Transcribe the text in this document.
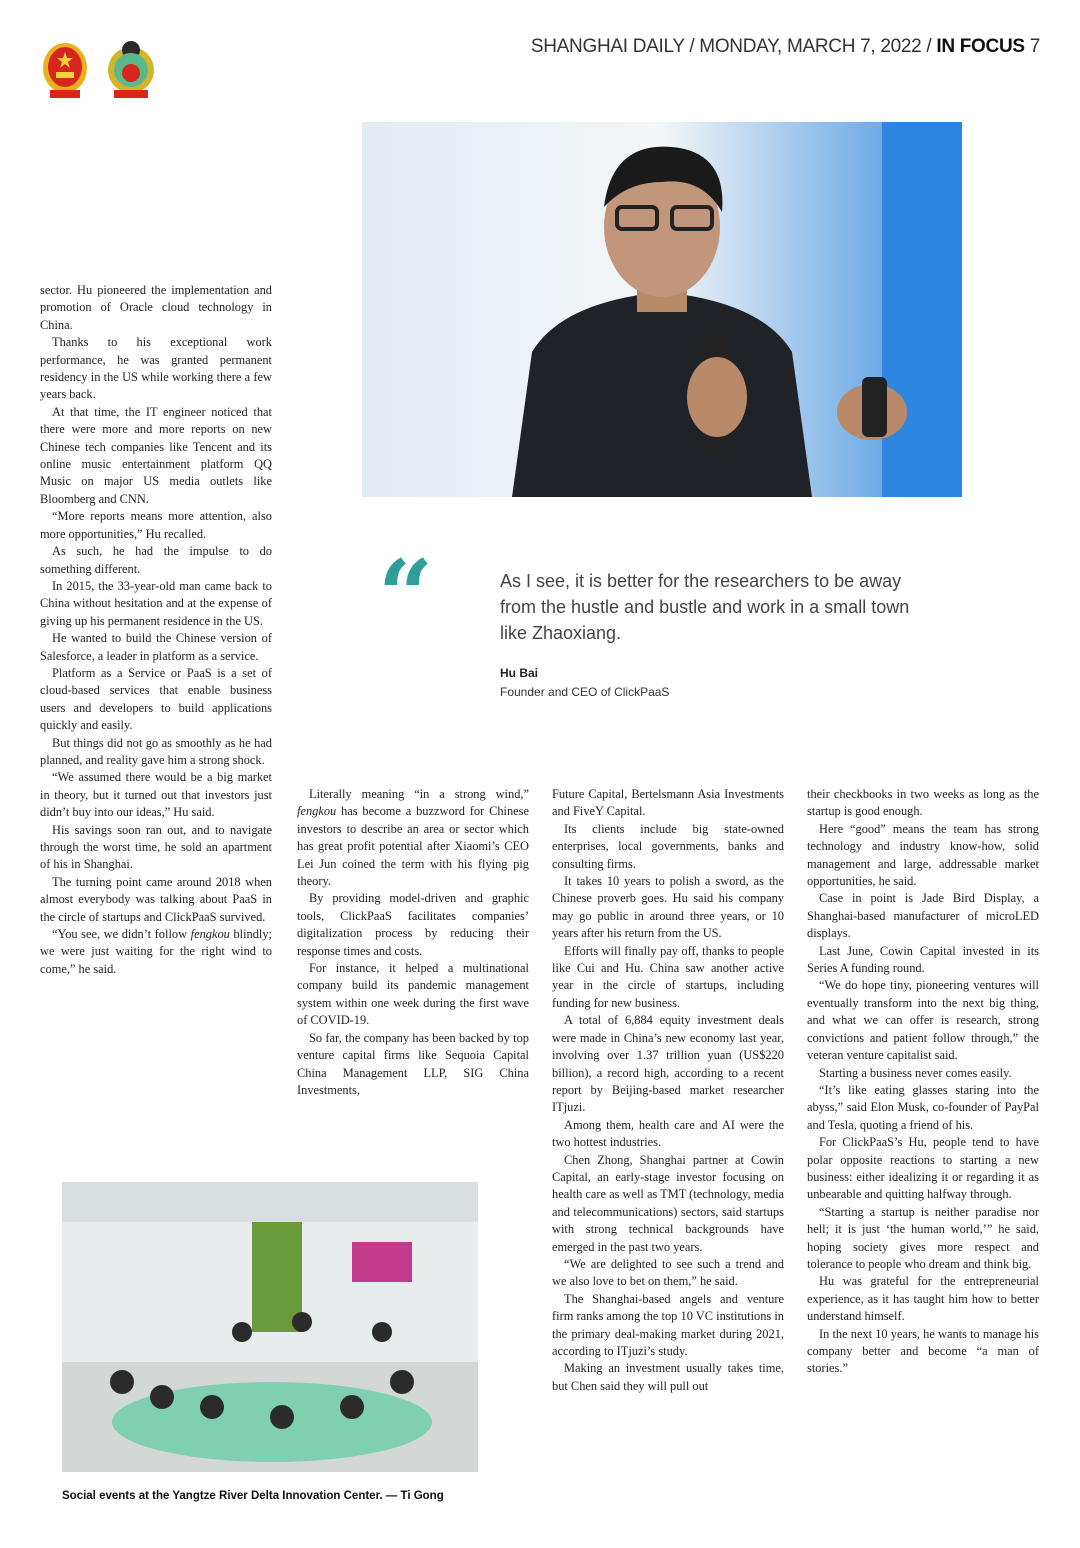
SHANGHAI DAILY / MONDAY, MARCH 7, 2022 / IN FOCUS 7
“	As I see, it is better for the researchers to be away from the hustle and bustle and work in a small town like Zhaoxiang.
Hu Bai
Founder and CEO of ClickPaaS

sector. Hu pioneered the implementation and promotion of Oracle cloud technology in China.

Thanks to his exceptional work performance, he was granted permanent residency in the US while working there a few years back.

At that time, the IT engineer noticed that there were more and more reports on new Chinese tech companies like Tencent and its online music entertainment platform QQ Music on major US media outlets like Bloomberg and CNN.

“More reports means more attention, also more opportunities,” Hu recalled.

As such, he had the impulse to do something different.

In 2015, the 33-year-old man came back to China without hesitation and at the expense of giving up his permanent residence in the US.

He wanted to build the Chinese version of Salesforce, a leader in platform as a service.

Platform as a Service or PaaS is a set of cloud-based services that enable business users and developers to build applications quickly and easily.

But things did not go as smoothly as he had planned, and reality gave him a strong shock.

“We assumed there would be a big market in theory, but it turned out that investors just didn’t buy into our ideas,” Hu said.

His savings soon ran out, and to navigate through the worst time, he sold an apartment of his in Shanghai.

The turning point came around 2018 when almost everybody was talking about PaaS in the circle of startups and ClickPaaS survived.

“You see, we didn’t follow fengkou blindly; we were just waiting for the right wind to come,” he said.

Literally meaning “in a strong wind,” fengkou has become a buzzword for Chinese investors to describe an area or sector which has great profit potential after Xiaomi’s CEO Lei Jun coined the term with his flying pig theory.

By providing model-driven and graphic tools, ClickPaaS facilitates companies’ digitalization process by reducing their response times and costs.

For instance, it helped a multinational company build its pandemic management system within one week during the first wave of COVID-19.

So far, the company has been backed by top venture capital firms like Sequoia Capital China Management LLP, SIG China Investments,

Future Capital, Bertelsmann Asia Investments and FiveY Capital.

Its clients include big state-owned enterprises, local governments, banks and consulting firms.

It takes 10 years to polish a sword, as the Chinese proverb goes. Hu said his company may go public in around three years, or 10 years after his return from the US.

Efforts will finally pay off, thanks to people like Cui and Hu. China saw another active year in the circle of startups, including funding for new business.

A total of 6,884 equity investment deals were made in China’s new economy last year, involving over 1.37 trillion yuan (US$220 billion), a record high, according to a recent report by Beijing-based market researcher ITjuzi.

Among them, health care and AI were the two hottest industries.

Chen Zhong, Shanghai partner at Cowin Capital, an early-stage investor focusing on health care as well as TMT (technology, media and telecommunications) sectors, said startups with strong technical backgrounds have emerged in the past two years.

“We are delighted to see such a trend and we also love to bet on them,” he said.

The Shanghai-based angels and venture firm ranks among the top 10 VC institutions in the primary deal-making market during 2021, according to ITjuzi’s study.

Making an investment usually takes time, but Chen said they will pull out

their checkbooks in two weeks as long as the startup is good enough.

Here “good” means the team has strong technology and industry know-how, solid management and large, addressable market opportunities, he said.

Case in point is Jade Bird Display, a Shanghai-based manufacturer of microLED displays.

Last June, Cowin Capital invested in its Series A funding round.

“We do hope tiny, pioneering ventures will eventually transform into the next big thing, and what we can offer is research, strong convictions and patient follow through,” the veteran venture capitalist said.

Starting a business never comes easily.

“It’s like eating glasses staring into the abyss,” said Elon Musk, co-founder of PayPal and Tesla, quoting a friend of his.

For ClickPaaS’s Hu, people tend to have polar opposite reactions to starting a new business: either idealizing it or regarding it as unbearable and quitting halfway through.

“Starting a startup is neither paradise nor hell; it is just ‘the human world,’” he said, hoping society gives more respect and tolerance to people who dream and think big.

Hu was grateful for the entrepreneurial experience, as it has taught him how to better understand himself.

In the next 10 years, he wants to manage his company better and become “a man of stories.”

Social events at the Yangtze River Delta Innovation Center. — Ti Gong
